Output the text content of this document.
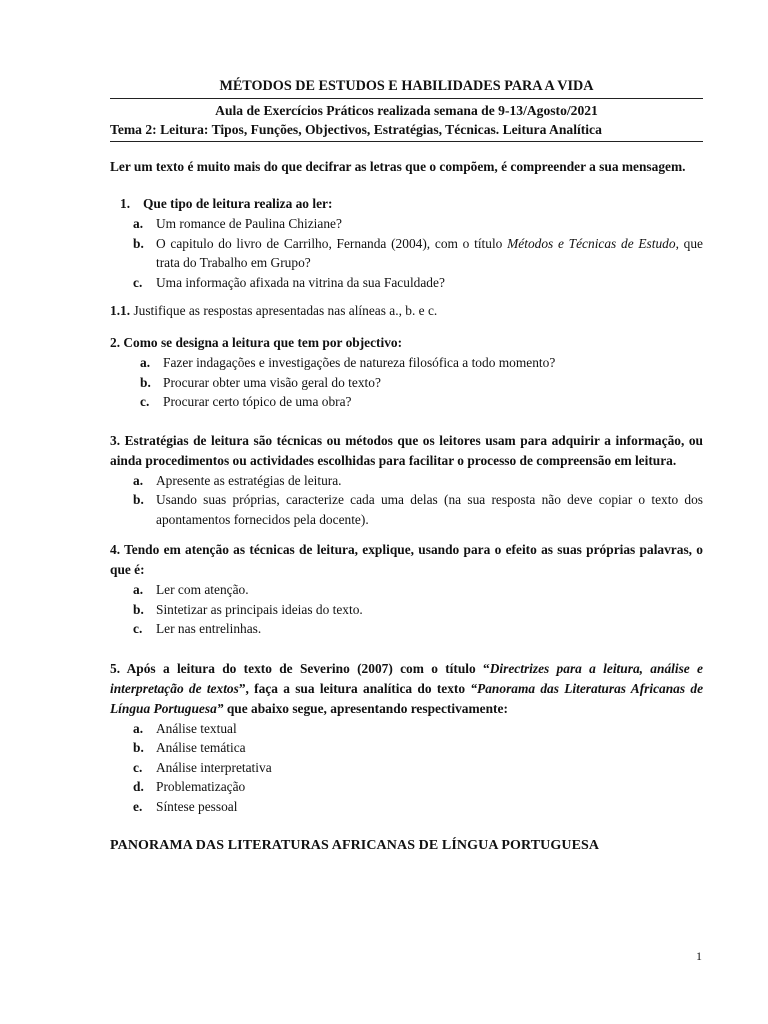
MÉTODOS DE ESTUDOS E HABILIDADES PARA A VIDA
Aula de Exercícios Práticos realizada semana de 9-13/Agosto/2021
Tema 2: Leitura: Tipos, Funções, Objectivos, Estratégias, Técnicas. Leitura Analítica
Ler um texto é muito mais do que decifrar as letras que o compõem, é compreender a sua mensagem.
1. Que tipo de leitura realiza ao ler:
a. Um romance de Paulina Chiziane?
b. O capitulo do livro de Carrilho, Fernanda (2004), com o título Métodos e Técnicas de Estudo, que trata do Trabalho em Grupo?
c. Uma informação afixada na vitrina da sua Faculdade?
1.1. Justifique as respostas apresentadas nas alíneas a., b. e c.
2. Como se designa a leitura que tem por objectivo:
a. Fazer indagações e investigações de natureza filosófica a todo momento?
b. Procurar obter uma visão geral do texto?
c. Procurar certo tópico de uma obra?
3. Estratégias de leitura são técnicas ou métodos que os leitores usam para adquirir a informação, ou ainda procedimentos ou actividades escolhidas para facilitar o processo de compreensão em leitura.
a. Apresente as estratégias de leitura.
b. Usando suas próprias, caracterize cada uma delas (na sua resposta não deve copiar o texto dos apontamentos fornecidos pela docente).
4. Tendo em atenção as técnicas de leitura, explique, usando para o efeito as suas próprias palavras, o que é:
a. Ler com atenção.
b. Sintetizar as principais ideias do texto.
c. Ler nas entrelinhas.
5. Após a leitura do texto de Severino (2007) com o título “Directrizes para a leitura, análise e interpretação de textos”, faça a sua leitura analítica do texto “Panorama das Literaturas Africanas de Língua Portuguesa” que abaixo segue, apresentando respectivamente:
a. Análise textual
b. Análise temática
c. Análise interpretativa
d. Problematização
e. Síntese pessoal
PANORAMA DAS LITERATURAS AFRICANAS DE LÍNGUA PORTUGUESA
1
